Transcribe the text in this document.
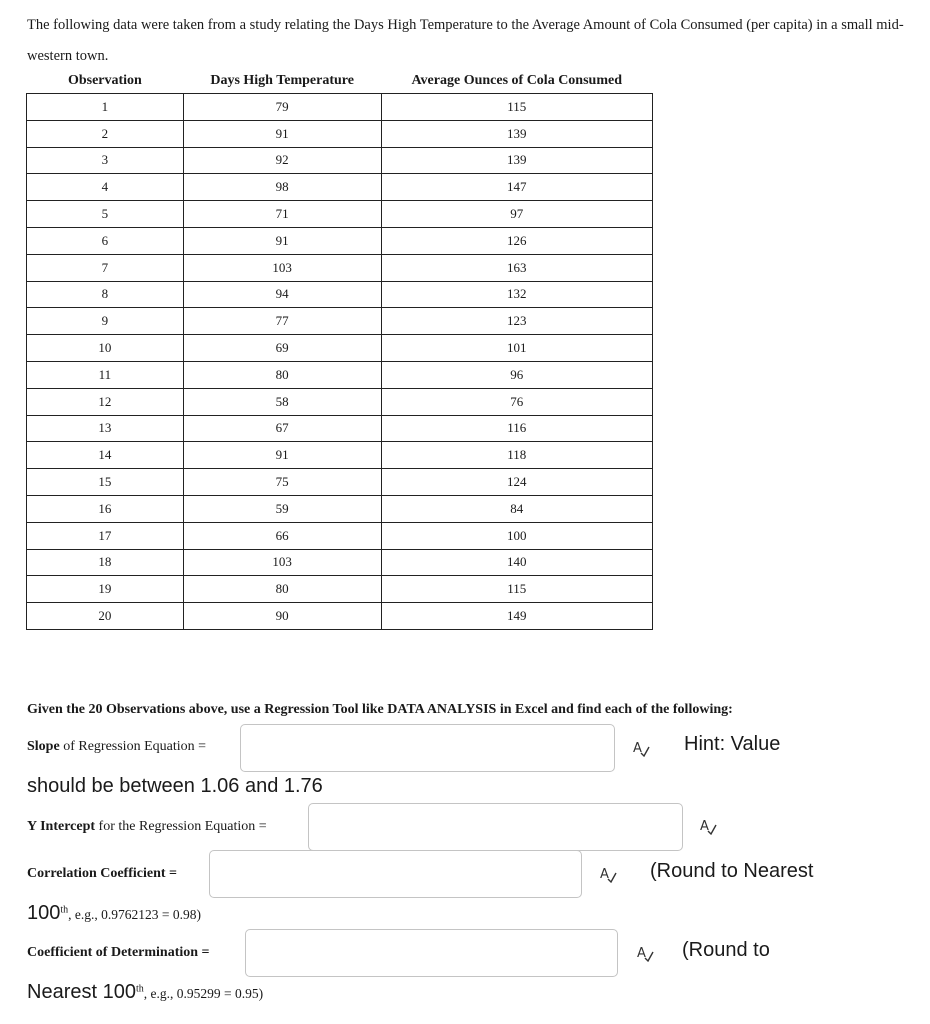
The following data were taken from a study relating the Days High Temperature to the Average Amount of Cola Consumed (per capita) in a small mid-western town.
Observation	Days High Temperature	Average Ounces of Cola Consumed
1	79	115
2	91	139
3	92	139
4	98	147
5	71	97
6	91	126
7	103	163
8	94	132
9	77	123
10	69	101
11	80	96
12	58	76
13	67	116
14	91	118
15	75	124
16	59	84
17	66	100
18	103	140
19	80	115
20	90	149
Given the 20 Observations above, use a Regression Tool like DATA ANALYSIS in Excel and find each of the following:
Slope of Regression Equation =	A Hint: Value
should be between 1.06 and 1.76
Y Intercept for the Regression Equation =	A
Correlation Coefficient =	A (Round to Nearest
100th, e.g., 0.9762123 = 0.98)
Coefficient of Determination =	A (Round to
Nearest 100th, e.g., 0.95299 = 0.95)
